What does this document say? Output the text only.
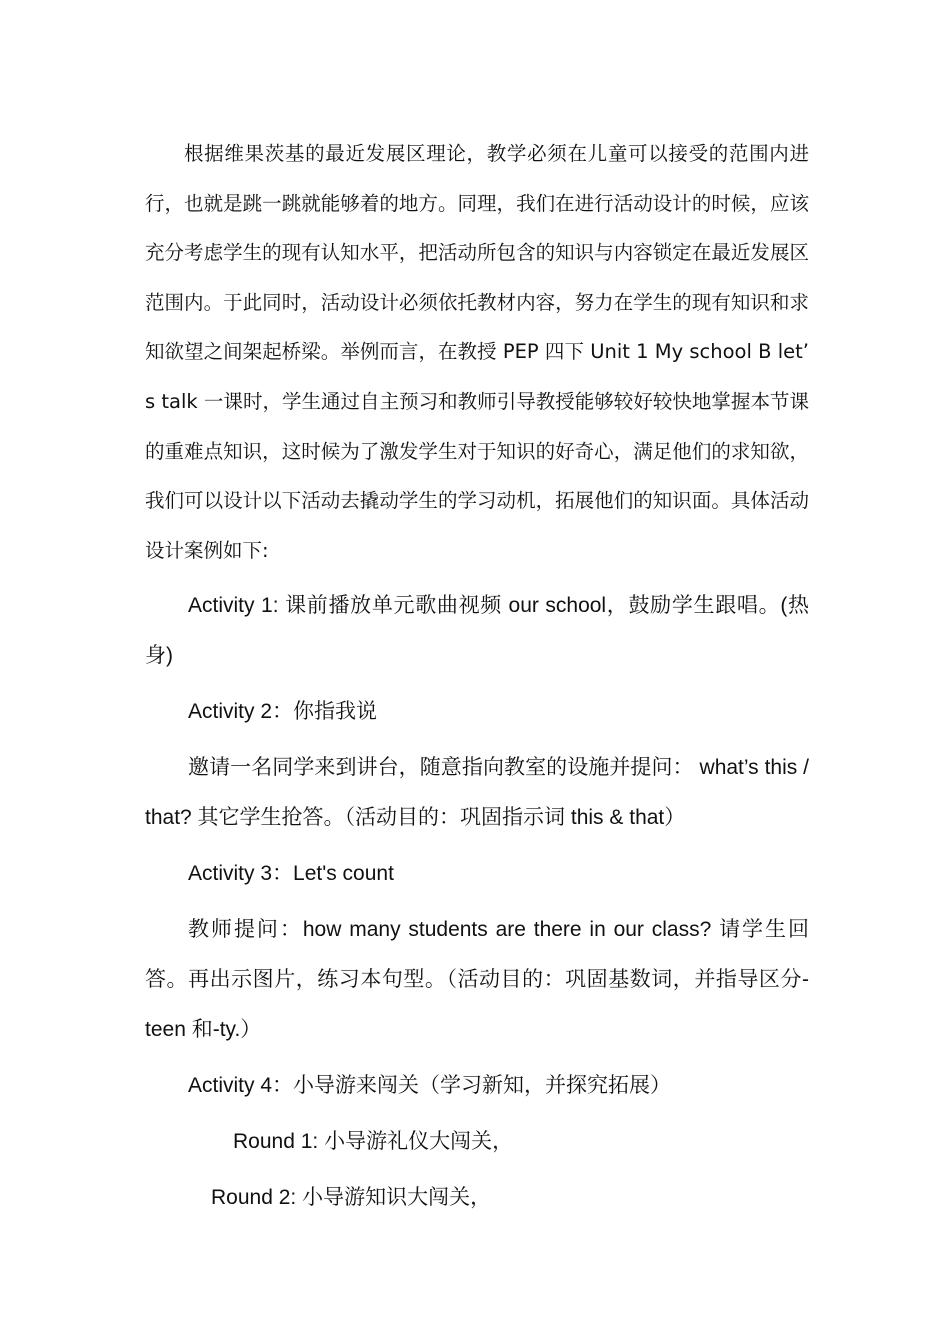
根据维果茨基的最近发展区理论，教学必须在儿童可以接受的范围内进行，也就是跳一跳就能够着的地方。同理，我们在进行活动设计的时候，应该充分考虑学生的现有认知水平，把活动所包含的知识与内容锁定在最近发展区范围内。于此同时，活动设计必须依托教材内容，努力在学生的现有知识和求知欲望之间架起桥梁。举例而言，在教授 PEP 四下 Unit 1 My school B let’ s talk 一课时，学生通过自主预习和教师引导教授能够较好较快地掌握本节课的重难点知识，这时候为了激发学生对于知识的好奇心，满足他们的求知欲，我们可以设计以下活动去撬动学生的学习动机，拓展他们的知识面。具体活动设计案例如下:

Activity 1: 课前播放单元歌曲视频 our school，鼓励学生跟唱。(热身)

Activity 2：你指我说

邀请一名同学来到讲台，随意指向教室的设施并提问： what’s this / that? 其它学生抢答。（活动目的：巩固指示词 this & that）

Activity 3：Let's count

教师提问：how many students are there in our class? 请学生回答。再出示图片，练习本句型。（活动目的：巩固基数词，并指导区分-teen 和-ty.）

Activity 4：小导游来闯关（学习新知，并探究拓展）

Round 1: 小导游礼仪大闯关，

Round 2: 小导游知识大闯关，
